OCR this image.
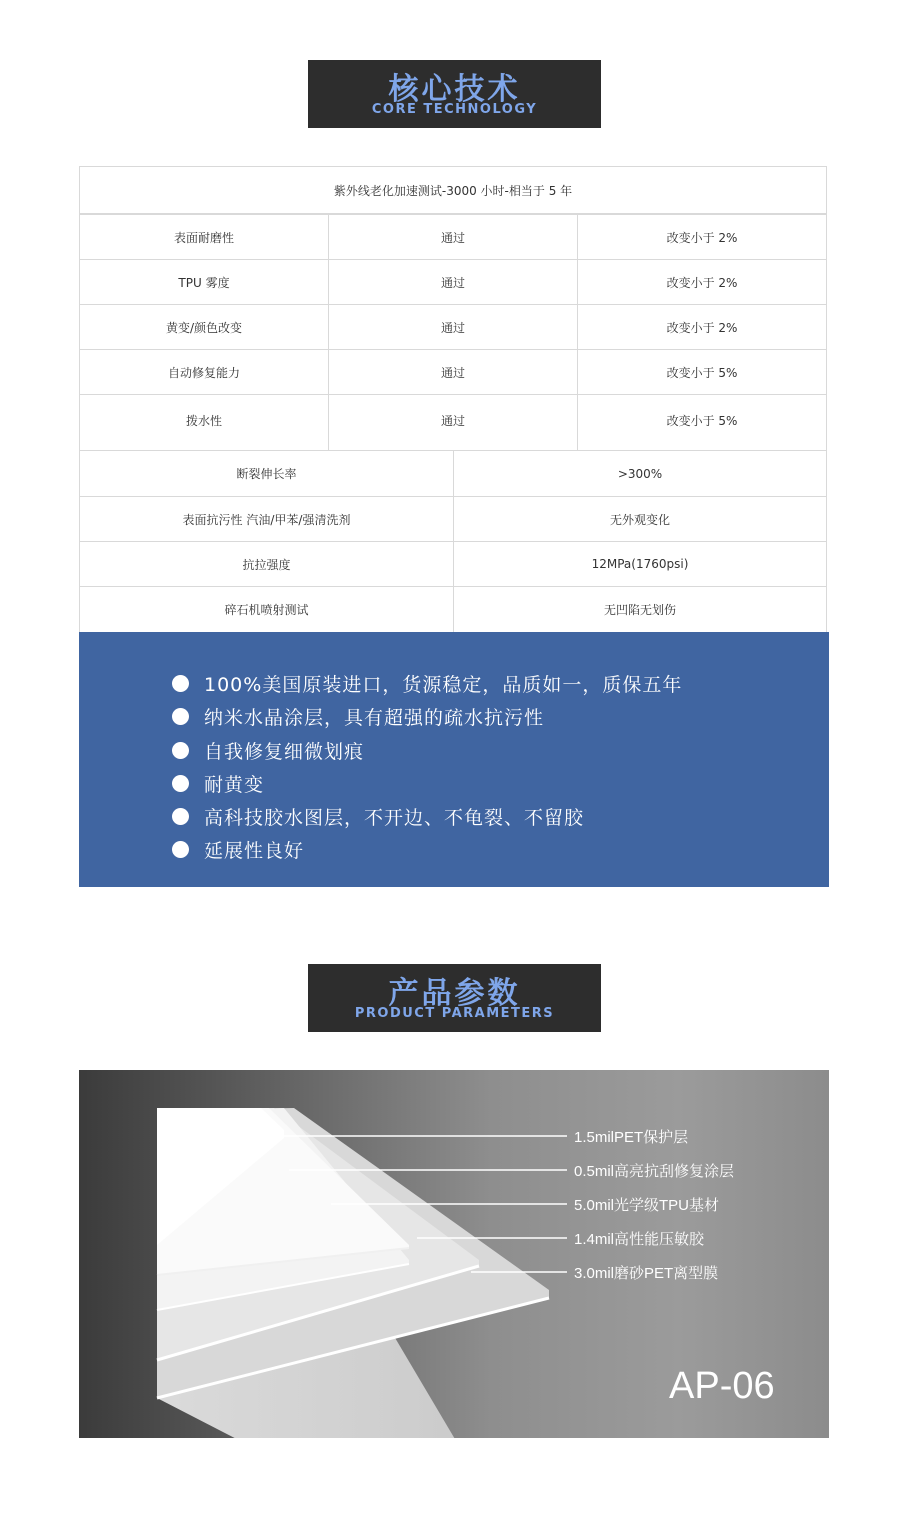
核心技术
CORE TECHNOLOGY
紫外线老化加速测试-3000 小时-相当于 5 年
表面耐磨性	通过	改变小于 2%
TPU 雾度	通过	改变小于 2%
黄变/颜色改变	通过	改变小于 2%
自动修复能力	通过	改变小于 5%
拨水性	通过	改变小于 5%
断裂伸长率	>300%
表面抗污性 汽油/甲苯/强清洗剂	无外观变化
抗拉强度	12MPa(1760psi)
碎石机喷射测试	无凹陷无划伤
100%美国原装进口，货源稳定，品质如一，质保五年
纳米水晶涂层，具有超强的疏水抗污性
自我修复细微划痕
耐黄变
高科技胶水图层，不开边、不龟裂、不留胶
延展性良好
产品参数
PRODUCT PARAMETERS
1.5milPET保护层
0.5mil高亮抗刮修复涂层
5.0mil光学级TPU基材
1.4mil高性能压敏胶
3.0mil磨砂PET离型膜
AP-06
